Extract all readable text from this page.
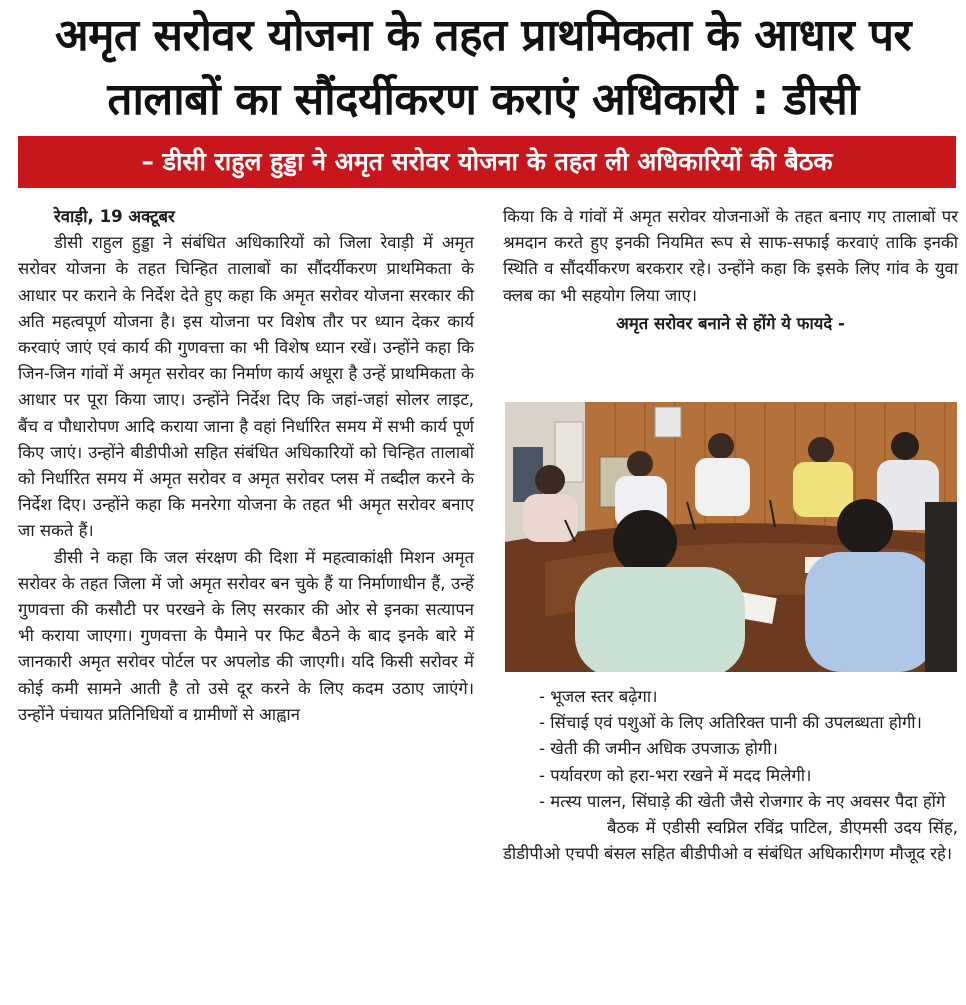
अमृत सरोवर योजना के तहत प्राथमिकता के आधार पर
तालाबों का सौंदर्यीकरण कराएं अधिकारी : डीसी
– डीसी राहुल हुड्डा ने अमृत सरोवर योजना के तहत ली अधिकारियों की बैठक
रेवाड़ी, 19 अक्टूबर

डीसी राहुल हुड्डा ने संबंधित अधिकारियों को जिला रेवाड़ी में अमृत सरोवर योजना के तहत चिन्हित तालाबों का सौंदर्यीकरण प्राथमिकता के आधार पर कराने के निर्देश देते हुए कहा कि अमृत सरोवर योजना सरकार की अति महत्वपूर्ण योजना है। इस योजना पर विशेष तौर पर ध्यान देकर कार्य करवाएं जाएं एवं कार्य की गुणवत्ता का भी विशेष ध्यान रखें। उन्होंने कहा कि जिन-जिन गांवों में अमृत सरोवर का निर्माण कार्य अधूरा है उन्हें प्राथमिकता के आधार पर पूरा किया जाए। उन्होंने निर्देश दिए कि जहां-जहां सोलर लाइट, बैंच व पौधारोपण आदि कराया जाना है वहां निर्धारित समय में सभी कार्य पूर्ण किए जाएं। उन्होंने बीडीपीओ सहित संबंधित अधिकारियों को चिन्हित तालाबों को निर्धारित समय में अमृत सरोवर व अमृत सरोवर प्लस में तब्दील करने के निर्देश दिए। उन्होंने कहा कि मनरेगा योजना के तहत भी अमृत सरोवर बनाए जा सकते हैं।

डीसी ने कहा कि जल संरक्षण की दिशा में महत्वाकांक्षी मिशन अमृत सरोवर के तहत जिला में जो अमृत सरोवर बन चुके हैं या निर्माणाधीन हैं, उन्हें गुणवत्ता की कसौटी पर परखने के लिए सरकार की ओर से इनका सत्यापन भी कराया जाएगा। गुणवत्ता के पैमाने पर फिट बैठने के बाद इनके बारे में जानकारी अमृत सरोवर पोर्टल पर अपलोड की जाएगी। यदि किसी सरोवर में कोई कमी सामने आती है तो उसे दूर करने के लिए कदम उठाए जाएंगे। उन्होंने पंचायत प्रतिनिधियों व ग्रामीणों से आह्वान

किया कि वे गांवों में अमृत सरोवर योजनाओं के तहत बनाए गए तालाबों पर श्रमदान करते हुए इनकी नियमित रूप से साफ-सफाई करवाएं ताकि इनकी स्थिति व सौंदर्यीकरण बरकरार रहे। उन्होंने कहा कि इसके लिए गांव के युवा क्लब का भी सहयोग लिया जाए।

अमृत सरोवर बनाने से होंगे ये फायदे -

- भूजल स्तर बढ़ेगा।

- सिंचाई एवं पशुओं के लिए अतिरिक्त पानी की उपलब्धता होगी।

- खेती की जमीन अधिक उपजाऊ होगी।

- पर्यावरण को हरा-भरा रखने में मदद मिलेगी।

- मत्स्य पालन, सिंघाड़े की खेती जैसे रोजगार के नए अवसर पैदा होंगे

बैठक में एडीसी स्वप्निल रविंद्र पाटिल, डीएमसी उदय सिंह, डीडीपीओ एचपी बंसल सहित बीडीपीओ व संबंधित अधिकारीगण मौजूद रहे।
